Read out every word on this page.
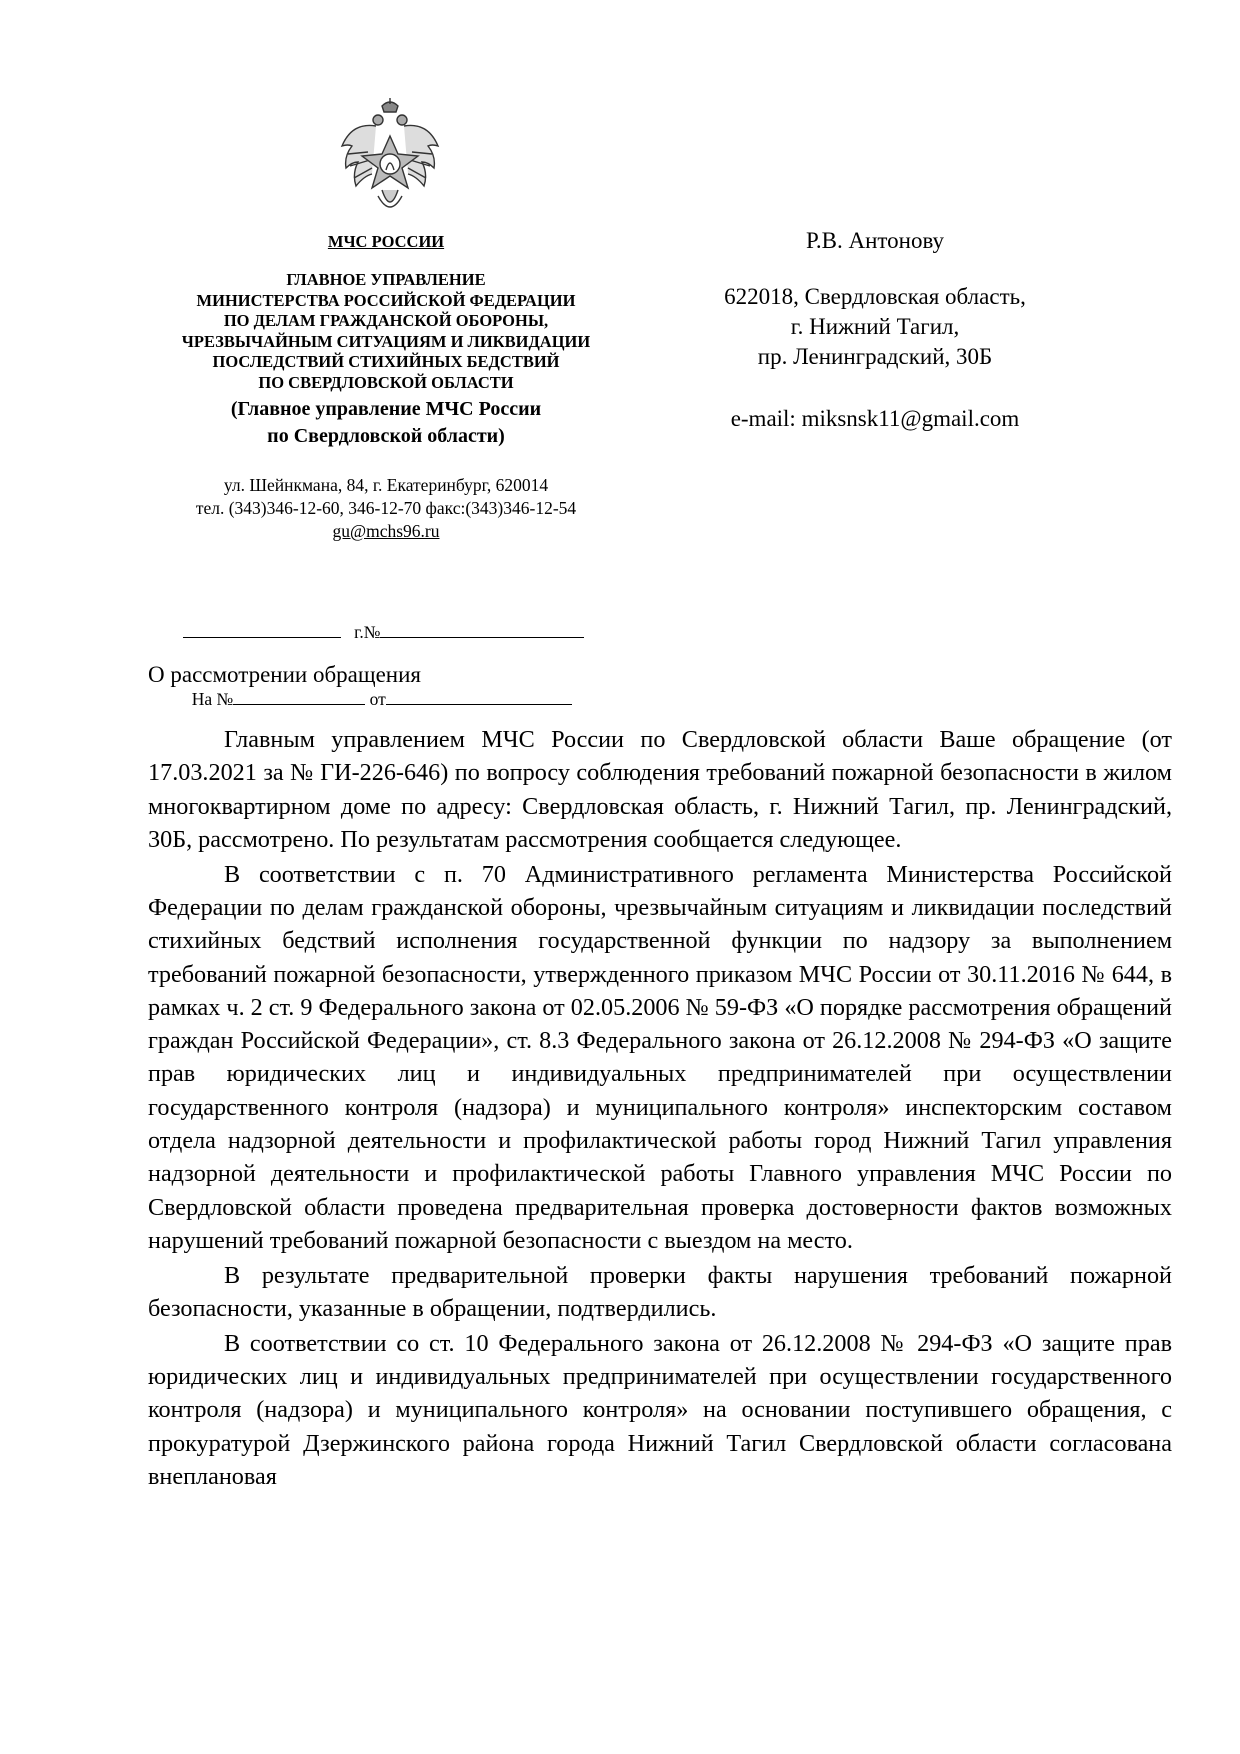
МЧС РОССИИ
ГЛАВНОЕ УПРАВЛЕНИЕ
МИНИСТЕРСТВА РОССИЙСКОЙ ФЕДЕРАЦИИ
ПО ДЕЛАМ ГРАЖДАНСКОЙ ОБОРОНЫ,
ЧРЕЗВЫЧАЙНЫМ СИТУАЦИЯМ И ЛИКВИДАЦИИ
ПОСЛЕДСТВИЙ СТИХИЙНЫХ БЕДСТВИЙ
ПО СВЕРДЛОВСКОЙ ОБЛАСТИ
(Главное управление МЧС России
по Свердловской области)
ул. Шейнкмана, 84, г. Екатеринбург, 620014
тел. (343)346-12-60, 346-12-70 факс:(343)346-12-54
gu@mchs96.ru

г.№

На №	от

Р.В. Антонову
622018, Свердловская область,
г. Нижний Тагил,
пр. Ленинградский, 30Б
e-mail: miksnsk11@gmail.com
О рассмотрении обращения

Главным управлением МЧС России по Свердловской области Ваше обращение (от 17.03.2021 за № ГИ-226-646) по вопросу соблюдения требований пожарной безопасности в жилом многоквартирном доме по адресу: Свердловская область, г. Нижний Тагил, пр. Ленинградский, 30Б, рассмотрено. По результатам рассмотрения сообщается следующее.

В соответствии с п. 70 Административного регламента Министерства Российской Федерации по делам гражданской обороны, чрезвычайным ситуациям и ликвидации последствий стихийных бедствий исполнения государственной функции по надзору за выполнением требований пожарной безопасности, утвержденного приказом МЧС России от 30.11.2016 № 644, в рамках ч. 2 ст. 9 Федерального закона от 02.05.2006 № 59-ФЗ «О порядке рассмотрения обращений граждан Российской Федерации», ст. 8.3 Федерального закона от 26.12.2008 № 294-ФЗ «О защите прав юридических лиц и индивидуальных предпринимателей при осуществлении государственного контроля (надзора) и муниципального контроля» инспекторским составом отдела надзорной деятельности и профилактической работы город Нижний Тагил управления надзорной деятельности и профилактической работы Главного управления МЧС России по Свердловской области проведена предварительная проверка достоверности фактов возможных нарушений требований пожарной безопасности с выездом на место.

В результате предварительной проверки факты нарушения требований пожарной безопасности, указанные в обращении, подтвердились.

В соответствии со ст. 10 Федерального закона от 26.12.2008 № 294-ФЗ «О защите прав юридических лиц и индивидуальных предпринимателей при осуществлении государственного контроля (надзора) и муниципального контроля» на основании поступившего обращения, с прокуратурой Дзержинского района города Нижний Тагил Свердловской области согласована внеплановая
